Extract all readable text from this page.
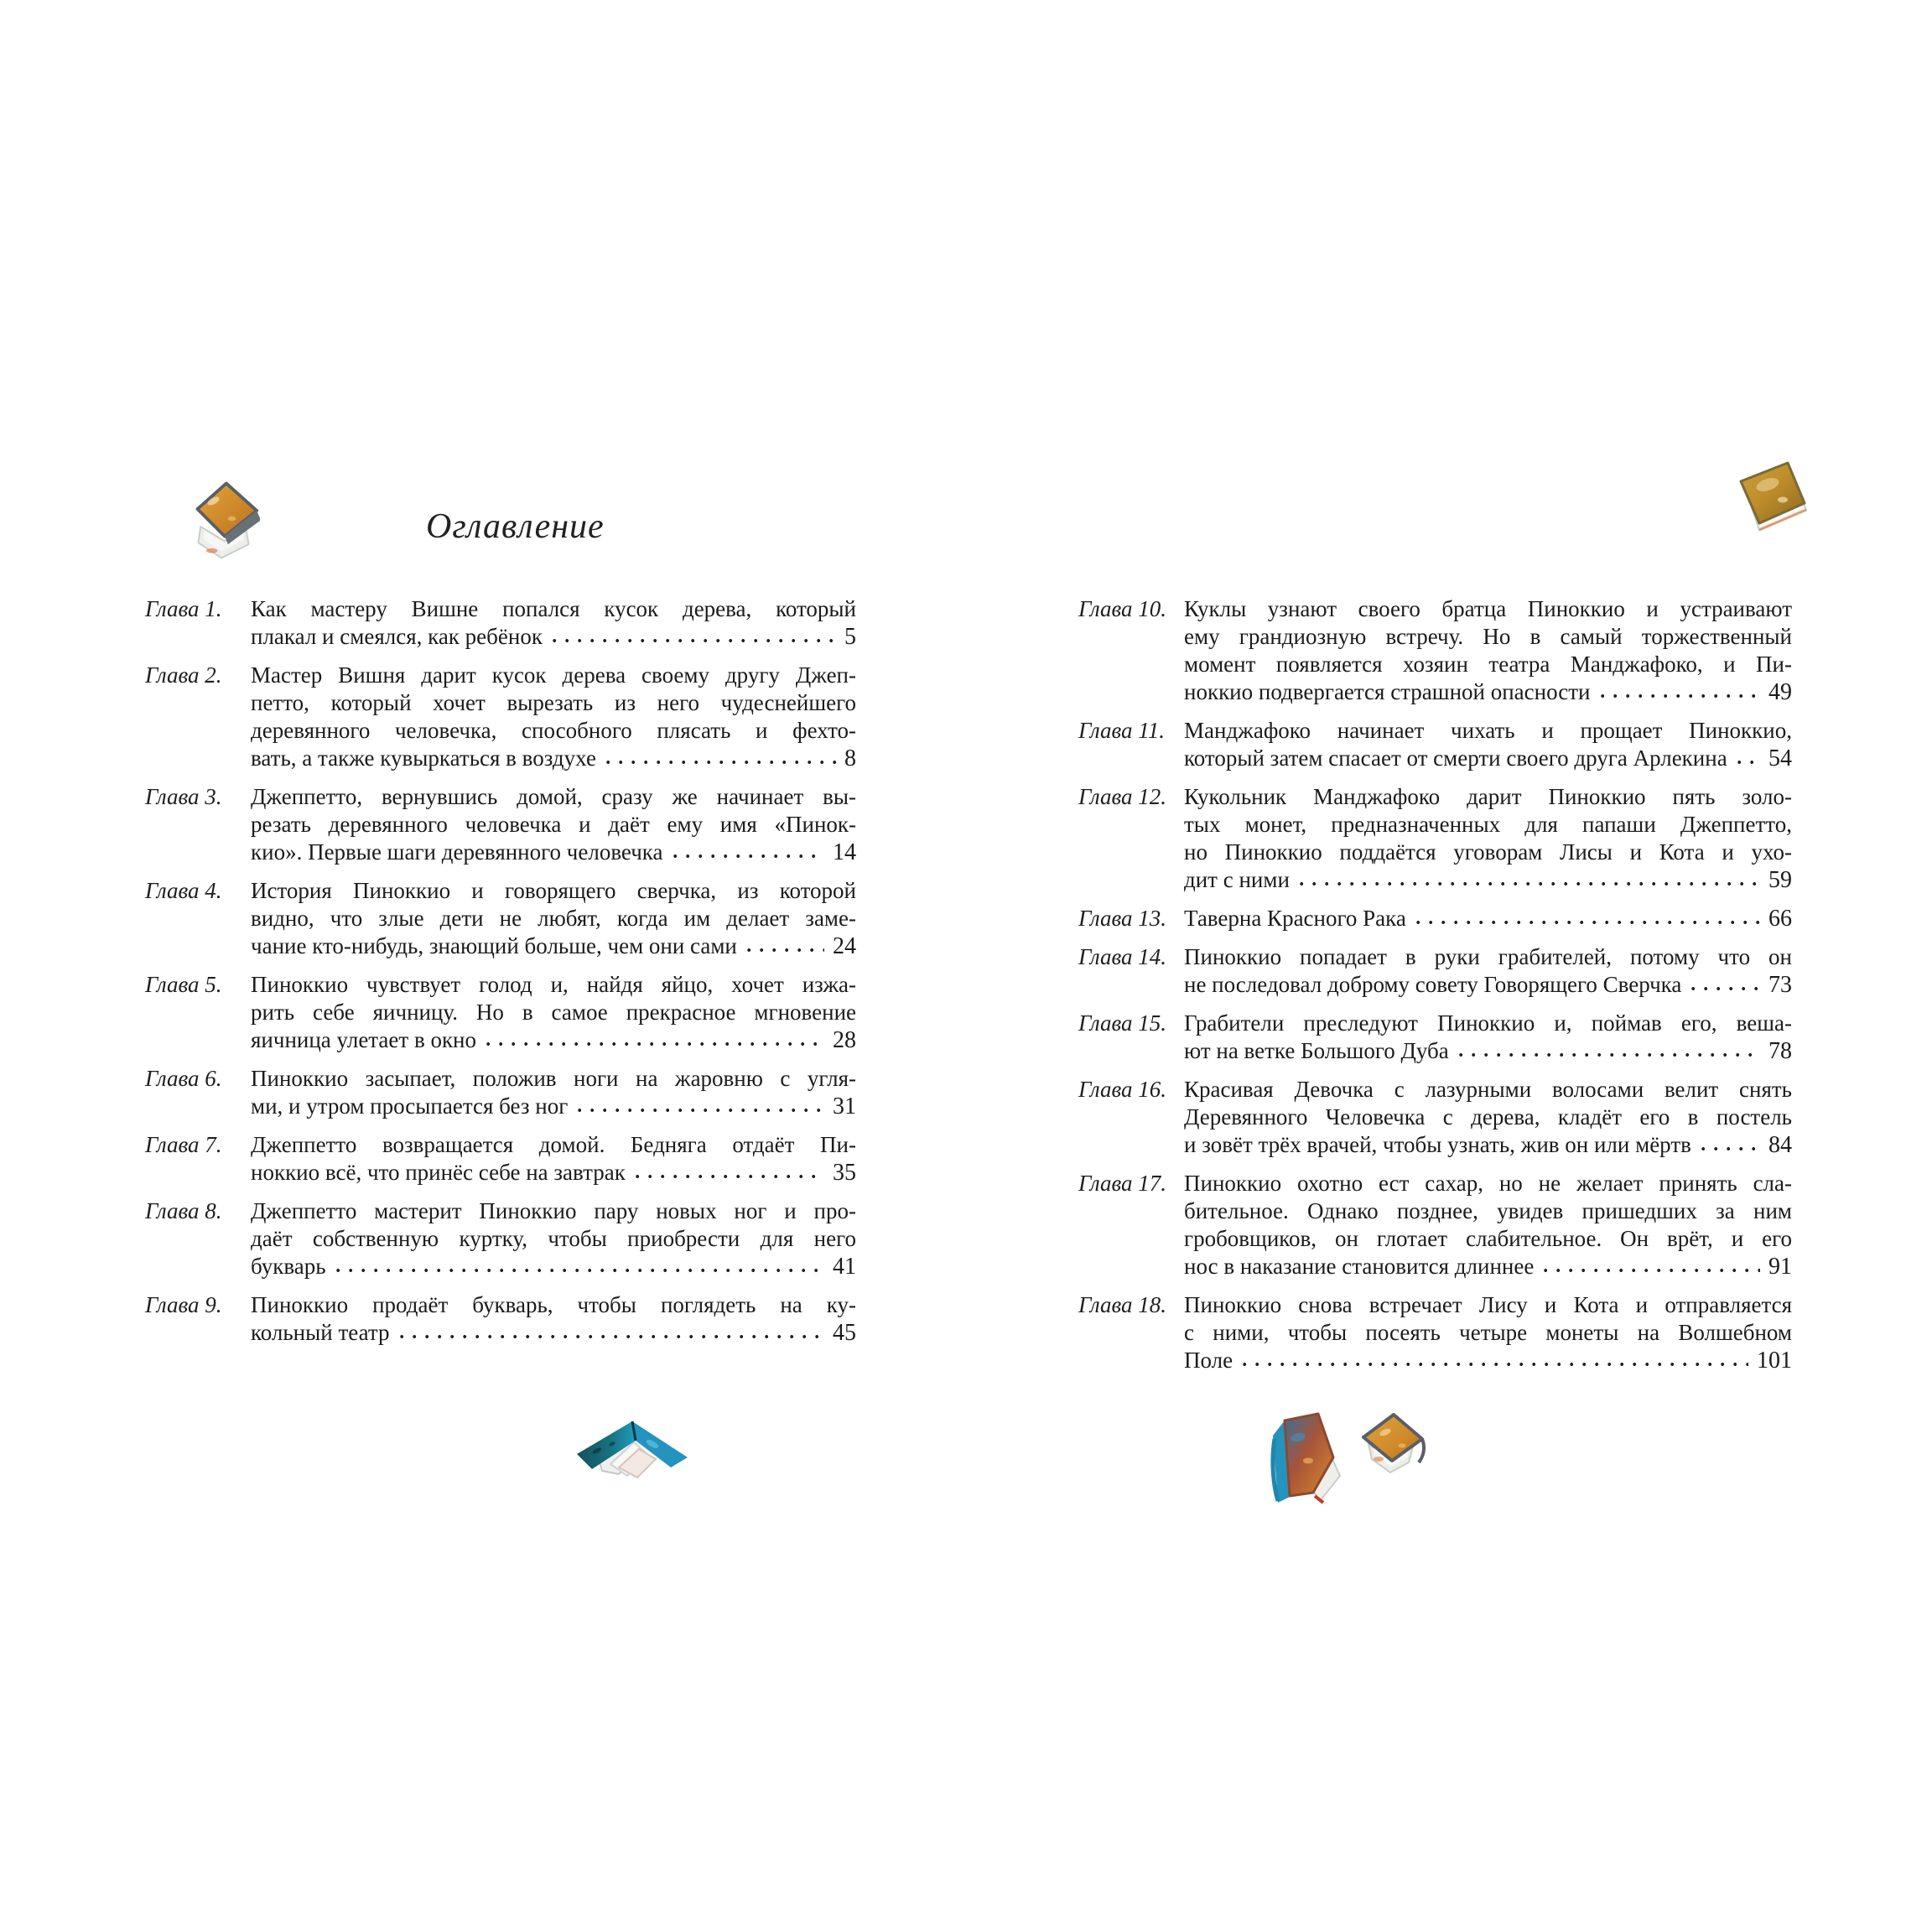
Оглавление
Глава 1.	Как мастеру Вишне попался кусок дерева, который
плакал и смеялся, как ребёнок	5
Глава 2.	Мастер Вишня дарит кусок дерева своему другу Джеп-
петто, который хочет вырезать из него чудеснейшего
деревянного человечка, способного плясать и фехто-
вать, а также кувыркаться в воздухе	8
Глава 3.	Джеппетто, вернувшись домой, сразу же начинает вы-
резать деревянного человечка и даёт ему имя «Пинок-
кио». Первые шаги деревянного человечка	14
Глава 4.	История Пиноккио и говорящего сверчка, из которой
видно, что злые дети не любят, когда им делает заме-
чание кто-нибудь, знающий больше, чем они сами	24
Глава 5.	Пиноккио чувствует голод и, найдя яйцо, хочет изжа-
рить себе яичницу. Но в самое прекрасное мгновение
яичница улетает в окно	28
Глава 6.	Пиноккио засыпает, положив ноги на жаровню с угля-
ми, и утром просыпается без ног	31
Глава 7.	Джеппетто возвращается домой. Бедняга отдаёт Пи-
ноккио всё, что принёс себе на завтрак	35
Глава 8.	Джеппетто мастерит Пиноккио пару новых ног и про-
даёт собственную куртку, чтобы приобрести для него
букварь	41
Глава 9.	Пиноккио продаёт букварь, чтобы поглядеть на ку-
кольный театр	45
Глава 10. Куклы узнают своего братца Пиноккио и устраивают
ему грандиозную встречу. Но в самый торжественный
момент появляется хозяин театра Манджафоко, и Пи-
ноккио подвергается страшной опасности	49
Глава 11. Манджафоко начинает чихать и прощает Пиноккио,
который затем спасает от смерти своего друга Арлекина 54
Глава 12. Кукольник Манджафоко дарит Пиноккио пять золо-
тых монет, предназначенных для папаши Джеппетто,
но Пиноккио поддаётся уговорам Лисы и Кота и ухо-
дит с ними	59
Глава 13. Таверна Красного Рака	66
Глава 14. Пиноккио попадает в руки грабителей, потому что он
не последовал доброму совету Говорящего Сверчка	73
Глава 15. Грабители преследуют Пиноккио и, поймав его, веша-
ют на ветке Большого Дуба	78
Глава 16. Красивая Девочка с лазурными волосами велит снять
Деревянного Человечка с дерева, кладёт его в постель
и зовёт трёх врачей, чтобы узнать, жив он или мёртв	84
Глава 17. Пиноккио охотно ест сахар, но не желает принять сла-
бительное. Однако позднее, увидев пришедших за ним
гробовщиков, он глотает слабительное. Он врёт, и его
нос в наказание становится длиннее	91
Глава 18. Пиноккио снова встречает Лису и Кота и отправляется
с ними, чтобы посеять четыре монеты на Волшебном
Поле	101
